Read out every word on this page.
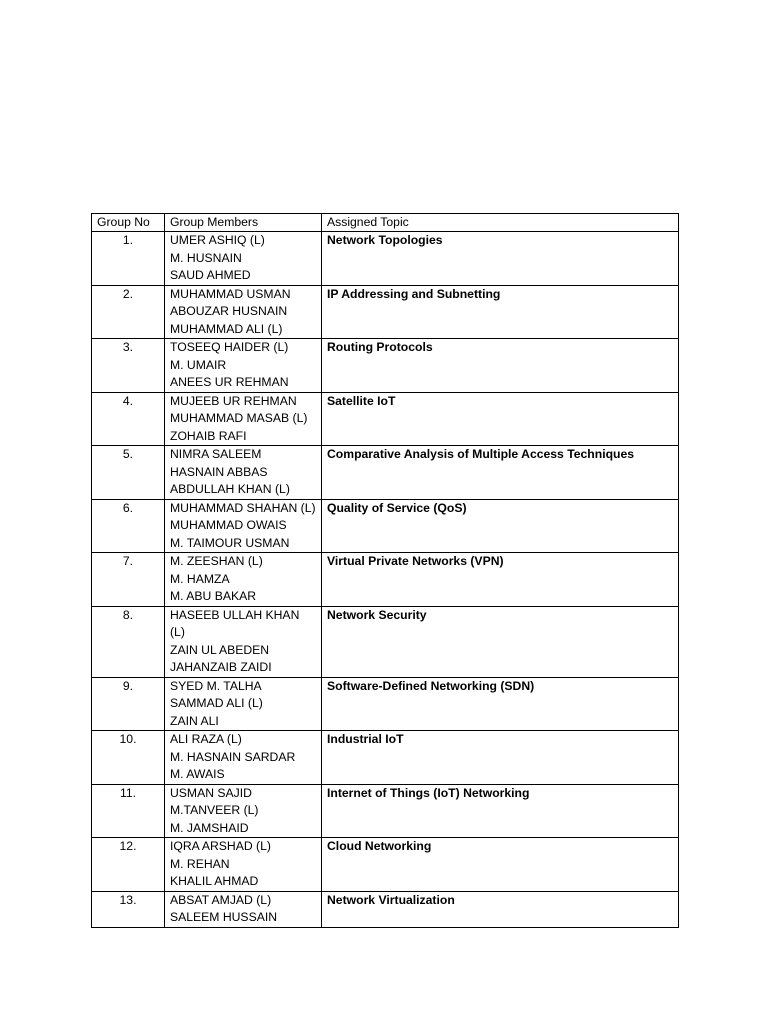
Group No	Group Members	Assigned Topic
1.	UMER ASHIQ (L)
M. HUSNAIN
SAUD AHMED	Network Topologies
2.	MUHAMMAD USMAN
ABOUZAR HUSNAIN
MUHAMMAD ALI (L)	IP Addressing and Subnetting
3.	TOSEEQ HAIDER (L)
M. UMAIR
ANEES UR REHMAN	Routing Protocols
4.	MUJEEB UR REHMAN
MUHAMMAD MASAB (L)
ZOHAIB RAFI	Satellite IoT
5.	NIMRA SALEEM
HASNAIN ABBAS
ABDULLAH KHAN (L)	Comparative Analysis of Multiple Access Techniques
6.	MUHAMMAD SHAHAN (L)
MUHAMMAD OWAIS
M. TAIMOUR USMAN	Quality of Service (QoS)
7.	M. ZEESHAN (L)
M. HAMZA
M. ABU BAKAR	Virtual Private Networks (VPN)
8.	HASEEB ULLAH KHAN (L)
ZAIN UL ABEDEN
JAHANZAIB ZAIDI	Network Security
9.	SYED M. TALHA
SAMMAD ALI (L)
ZAIN ALI	Software-Defined Networking (SDN)
10.	ALI RAZA (L)
M. HASNAIN SARDAR
M. AWAIS	Industrial IoT
11.	USMAN SAJID
M.TANVEER (L)
M. JAMSHAID	Internet of Things (IoT) Networking
12.	IQRA ARSHAD (L)
M. REHAN
KHALIL AHMAD	Cloud Networking
13.	ABSAT AMJAD (L)
SALEEM HUSSAIN	Network Virtualization
